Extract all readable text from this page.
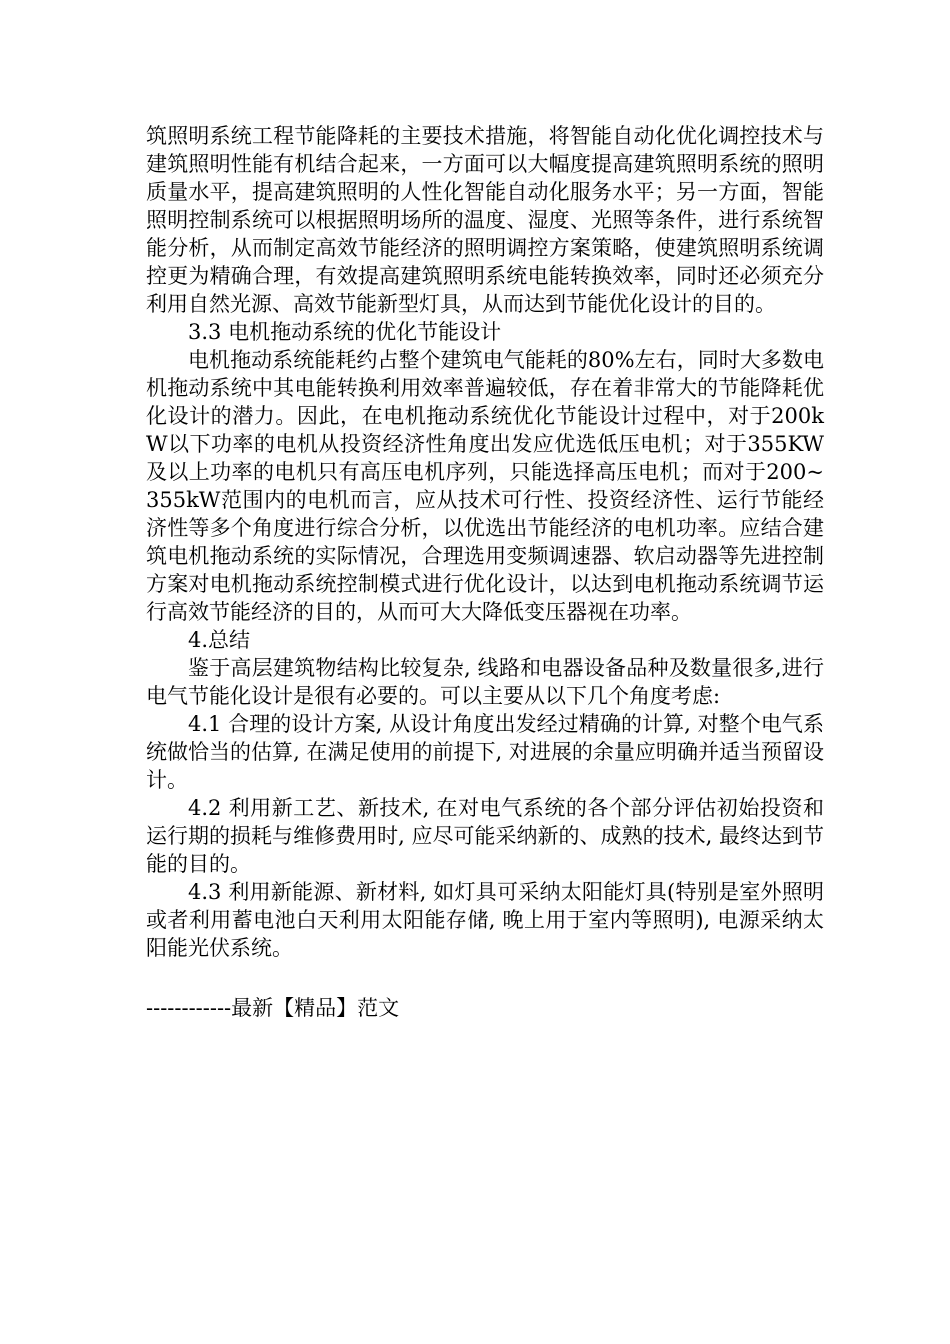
筑照明系统工程节能降耗的主要技术措施，将智能自动化优化调控技术与建筑照明性能有机结合起来，一方面可以大幅度提高建筑照明系统的照明质量水平，提高建筑照明的人性化智能自动化服务水平；另一方面，智能照明控制系统可以根据照明场所的温度、湿度、光照等条件，进行系统智能分析，从而制定高效节能经济的照明调控方案策略，使建筑照明系统调控更为精确合理，有效提高建筑照明系统电能转换效率，同时还必须充分利用自然光源、高效节能新型灯具，从而达到节能优化设计的目的。

3.3 电机拖动系统的优化节能设计

电机拖动系统能耗约占整个建筑电气能耗的80%左右，同时大多数电机拖动系统中其电能转换利用效率普遍较低，存在着非常大的节能降耗优化设计的潜力。因此，在电机拖动系统优化节能设计过程中，对于200kW以下功率的电机从投资经济性角度出发应优选低压电机；对于355KW及以上功率的电机只有高压电机序列，只能选择高压电机；而对于200~355kW范围内的电机而言，应从技术可行性、投资经济性、运行节能经济性等多个角度进行综合分析，以优选出节能经济的电机功率。应结合建筑电机拖动系统的实际情况，合理选用变频调速器、软启动器等先进控制方案对电机拖动系统控制模式进行优化设计，以达到电机拖动系统调节运行高效节能经济的目的，从而可大大降低变压器视在功率。

4.总结

鉴于高层建筑物结构比较复杂, 线路和电器设备品种及数量很多,进行电气节能化设计是很有必要的。可以主要从以下几个角度考虑:

4.1 合理的设计方案, 从设计角度出发经过精确的计算, 对整个电气系统做恰当的估算, 在满足使用的前提下, 对进展的余量应明确并适当预留设计。

4.2 利用新工艺、新技术, 在对电气系统的各个部分评估初始投资和运行期的损耗与维修费用时, 应尽可能采纳新的、成熟的技术, 最终达到节能的目的。

4.3 利用新能源、新材料, 如灯具可采纳太阳能灯具(特别是室外照明或者利用蓄电池白天利用太阳能存储, 晚上用于室内等照明), 电源采纳太阳能光伏系统。

------------最新【精品】范文
